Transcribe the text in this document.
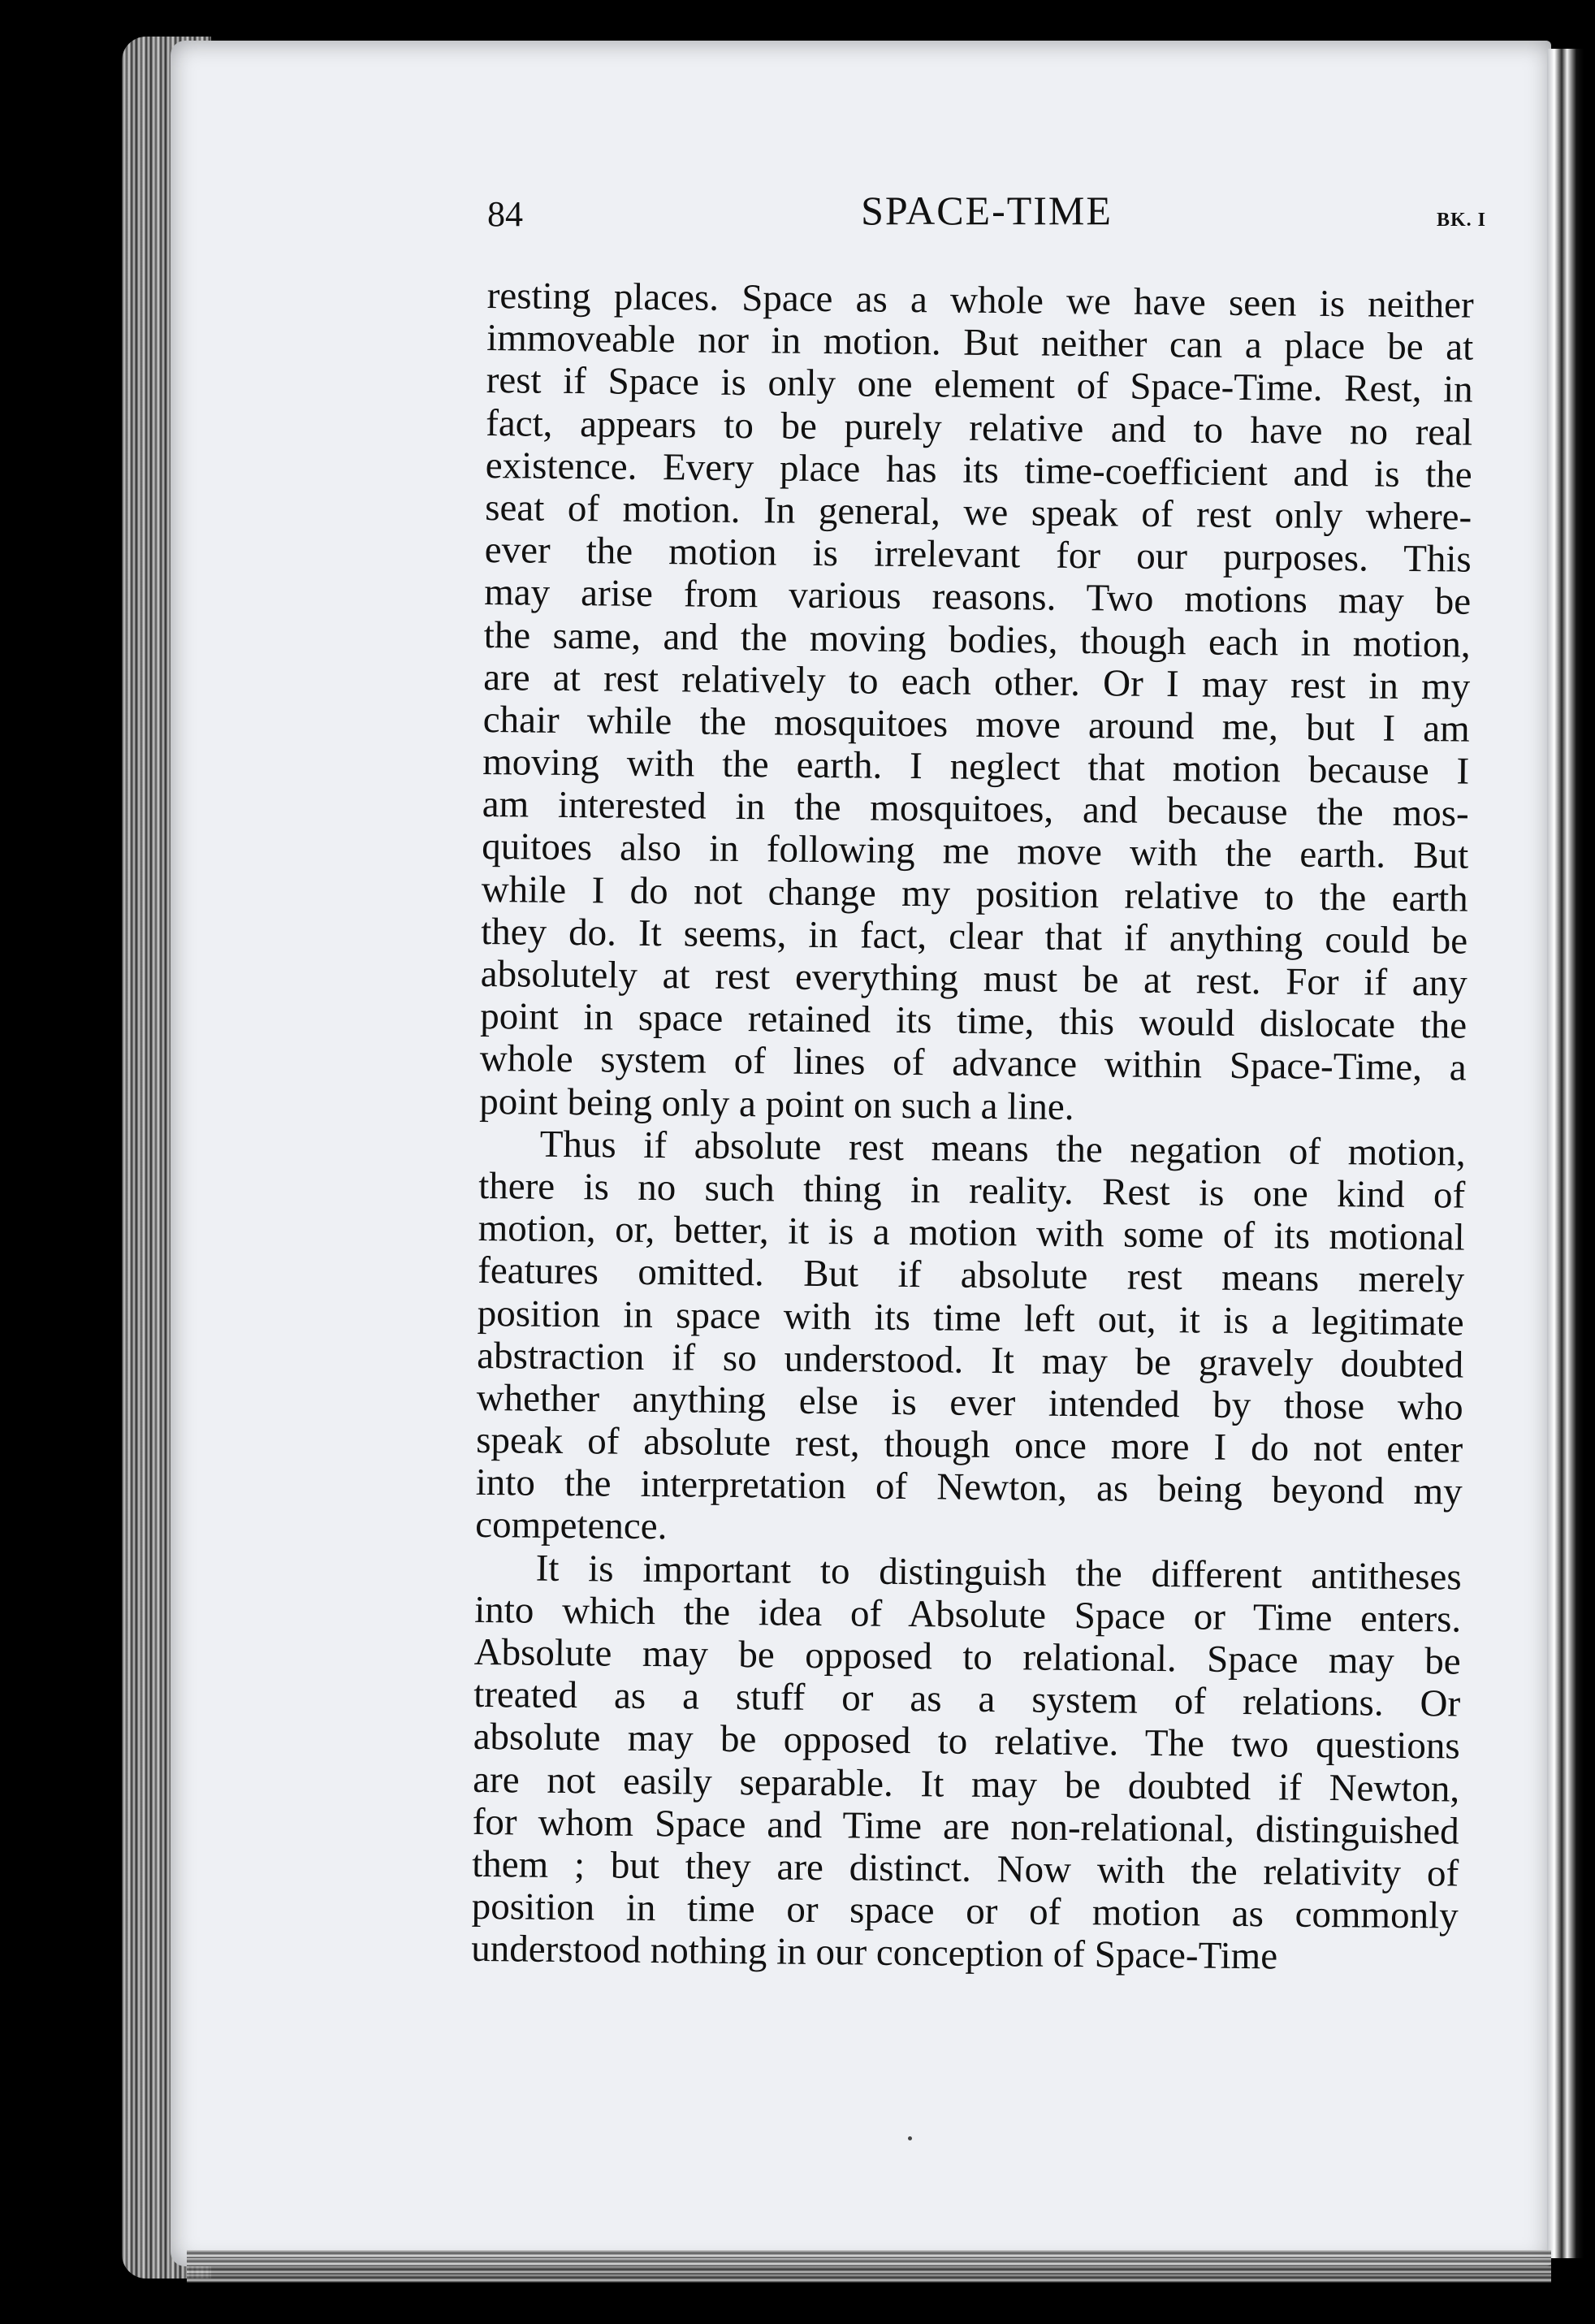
84	SPACE-TIME	BK. I
resting places. Space as a whole we have seen is neither
immoveable nor in motion. But neither can a place be at
rest if Space is only one element of Space-Time. Rest, in
fact, appears to be purely relative and to have no real
existence. Every place has its time-coefficient and is the
seat of motion. In general, we speak of rest only where-
ever the motion is irrelevant for our purposes. This
may arise from various reasons. Two motions may be
the same, and the moving bodies, though each in motion,
are at rest relatively to each other. Or I may rest in my
chair while the mosquitoes move around me, but I am
moving with the earth. I neglect that motion because I
am interested in the mosquitoes, and because the mos-
quitoes also in following me move with the earth. But
while I do not change my position relative to the earth
they do. It seems, in fact, clear that if anything could be
absolutely at rest everything must be at rest. For if any
point in space retained its time, this would dislocate the
whole system of lines of advance within Space-Time, a
point being only a point on such a line.
Thus if absolute rest means the negation of motion,
there is no such thing in reality. Rest is one kind of
motion, or, better, it is a motion with some of its motional
features omitted. But if absolute rest means merely
position in space with its time left out, it is a legitimate
abstraction if so understood. It may be gravely doubted
whether anything else is ever intended by those who
speak of absolute rest, though once more I do not enter
into the interpretation of Newton, as being beyond my
competence.
It is important to distinguish the different antitheses
into which the idea of Absolute Space or Time enters.
Absolute may be opposed to relational. Space may be
treated as a stuff or as a system of relations. Or
absolute may be opposed to relative. The two questions
are not easily separable. It may be doubted if Newton,
for whom Space and Time are non-relational, distinguished
them ; but they are distinct. Now with the relativity of
position in time or space or of motion as commonly
understood nothing in our conception of Space-Time
